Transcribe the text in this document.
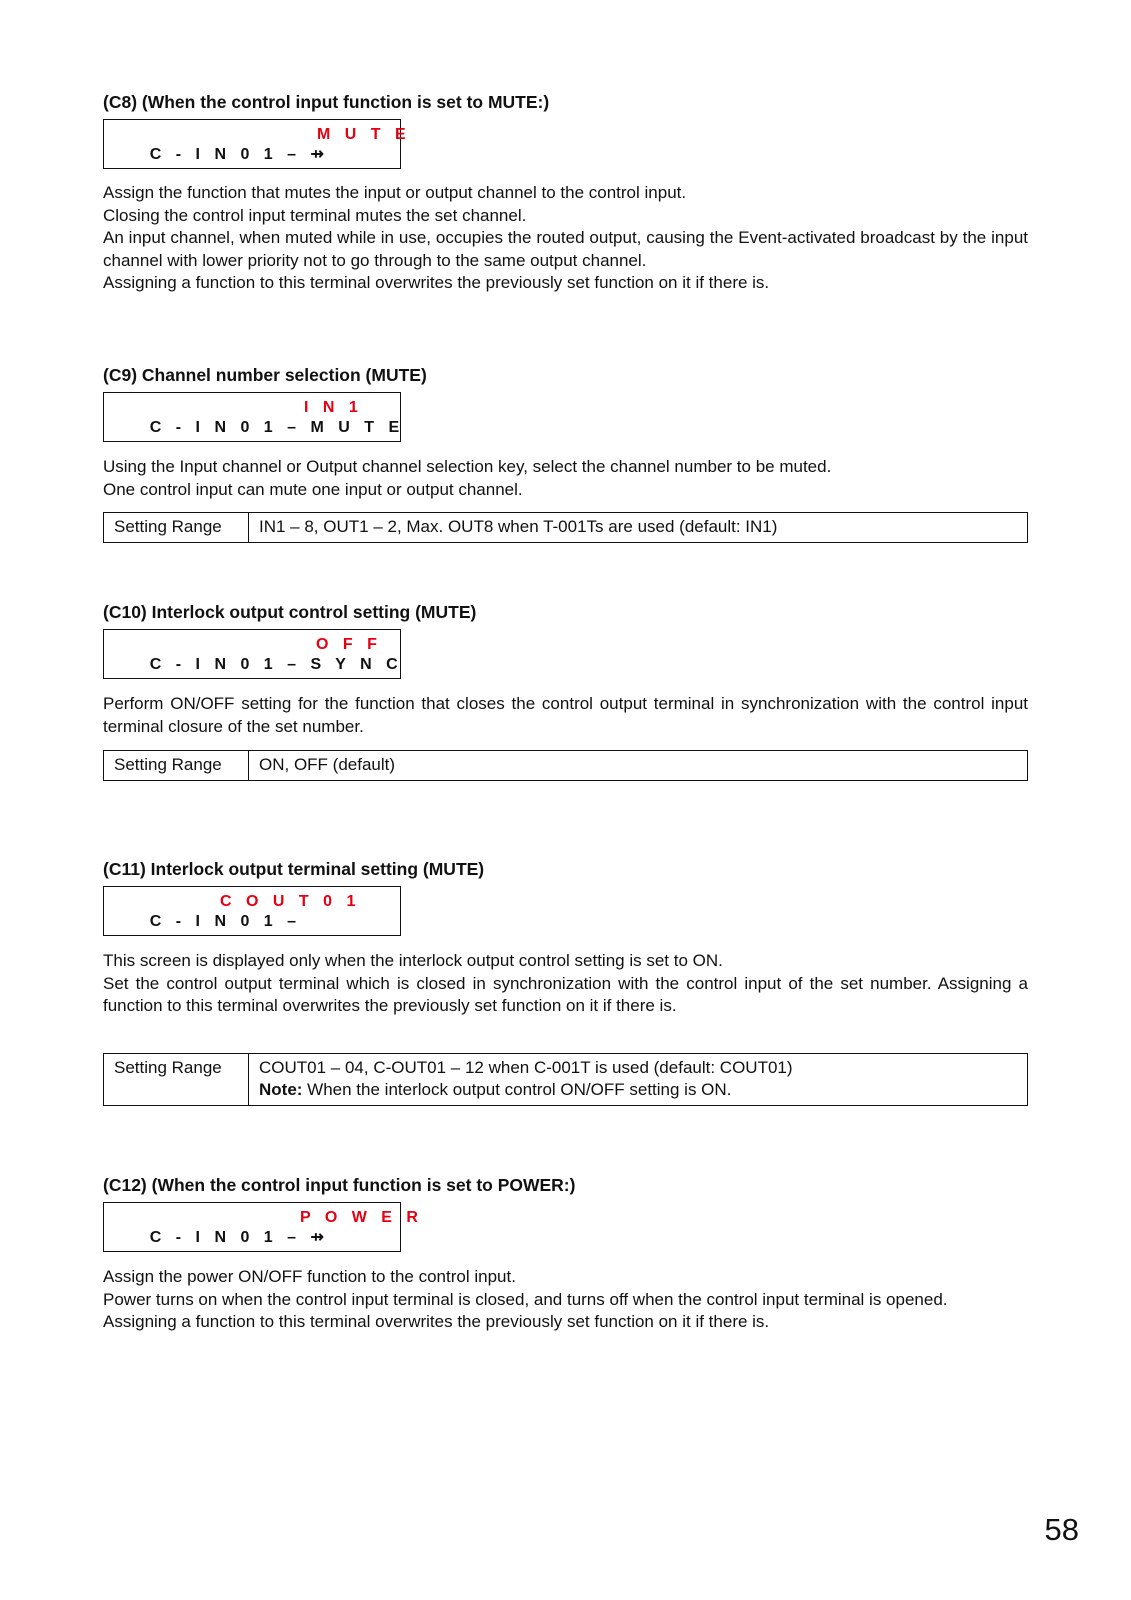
(C8) (When the control input function is set to MUTE:)

C - I N 0 1 – ⇸
M U T E

Assign the function that mutes the input or output channel to the control input.

Closing the control input terminal mutes the set channel.

An input channel, when muted while in use, occupies the routed output, causing the Event-activated broadcast by the input channel with lower priority not to go through to the same output channel.

Assigning a function to this terminal overwrites the previously set function on it if there is.

(C9) Channel number selection (MUTE)

C - I N 0 1 – M U T E
I N 1

Using the Input channel or Output channel selection key, select the channel number to be muted.

One control input can mute one input or output channel.

Setting Range	IN1 – 8, OUT1 – 2, Max. OUT8 when T-001Ts are used (default: IN1)
(C10) Interlock output control setting (MUTE)

C - I N 0 1 – S Y N C
O F F

Perform ON/OFF setting for the function that closes the control output terminal in synchronization with the control input terminal closure of the set number.

Setting Range	ON, OFF (default)
(C11) Interlock output terminal setting (MUTE)

C - I N 0 1 –
C O U T 0 1

This screen is displayed only when the interlock output control setting is set to ON.

Set the control output terminal which is closed in synchronization with the control input of the set number. Assigning a function to this terminal overwrites the previously set function on it if there is.

Setting Range	COUT01 – 04, C-OUT01 – 12 when C-001T is used (default: COUT01)
Note: When the interlock output control ON/OFF setting is ON.
(C12) (When the control input function is set to POWER:)

C - I N 0 1 – ⇸
P O W E R

Assign the power ON/OFF function to the control input.

Power turns on when the control input terminal is closed, and turns off when the control input terminal is opened.

Assigning a function to this terminal overwrites the previously set function on it if there is.

58
